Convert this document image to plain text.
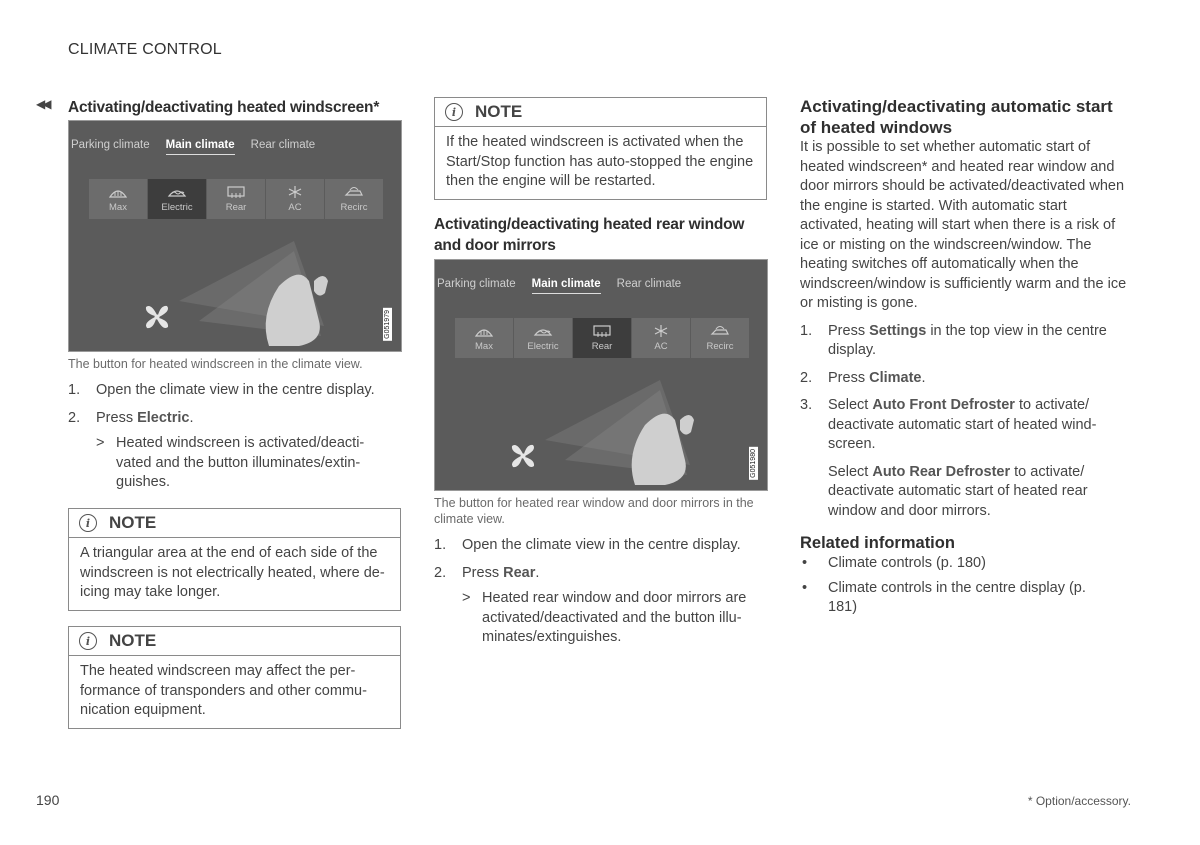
CLIMATE CONTROL
◀◀ Activating/deactivating heated windscreen*
Parking climate Main climate Rear climate
Max	Electric	Rear	AC	Recirc
G051979
The button for heated windscreen in the climate view.
1. Open the climate view in the centre display.
2. Press Electric.
> Heated windscreen is activated/deacti-vated and the button illuminates/extin-guishes.
i	NOTE
A triangular area at the end of each side of the windscreen is not electrically heated, where de-icing may take longer.
i	NOTE
The heated windscreen may affect the per-formance of transponders and other commu-nication equipment.
i	NOTE
If the heated windscreen is activated when the Start/Stop function has auto-stopped the engine then the engine will be restarted.
Activating/deactivating heated rear window and door mirrors
Parking climate Main climate Rear climate
Max	Electric	Rear	AC	Recirc
G051980
The button for heated rear window and door mirrors in the climate view.
1. Open the climate view in the centre display.
2. Press Rear.
> Heated rear window and door mirrors are activated/deactivated and the button illu-minates/extinguishes.
Activating/deactivating automatic start of heated windows
It is possible to set whether automatic start of heated windscreen* and heated rear window and door mirrors should be activated/deactivated when the engine is started. With automatic start activated, heating will start when there is a risk of ice or misting on the windscreen/window. The heating switches off automatically when the windscreen/window is sufficiently warm and the ice or misting is gone.
1. Press Settings in the top view in the centre display.
2. Press Climate.
3. Select Auto Front Defroster to activate/ deactivate automatic start of heated wind-screen.
Select Auto Rear Defroster to activate/ deactivate automatic start of heated rear window and door mirrors.
Related information
• Climate controls (p. 180)
• Climate controls in the centre display (p. 181)
190	* Option/accessory.
